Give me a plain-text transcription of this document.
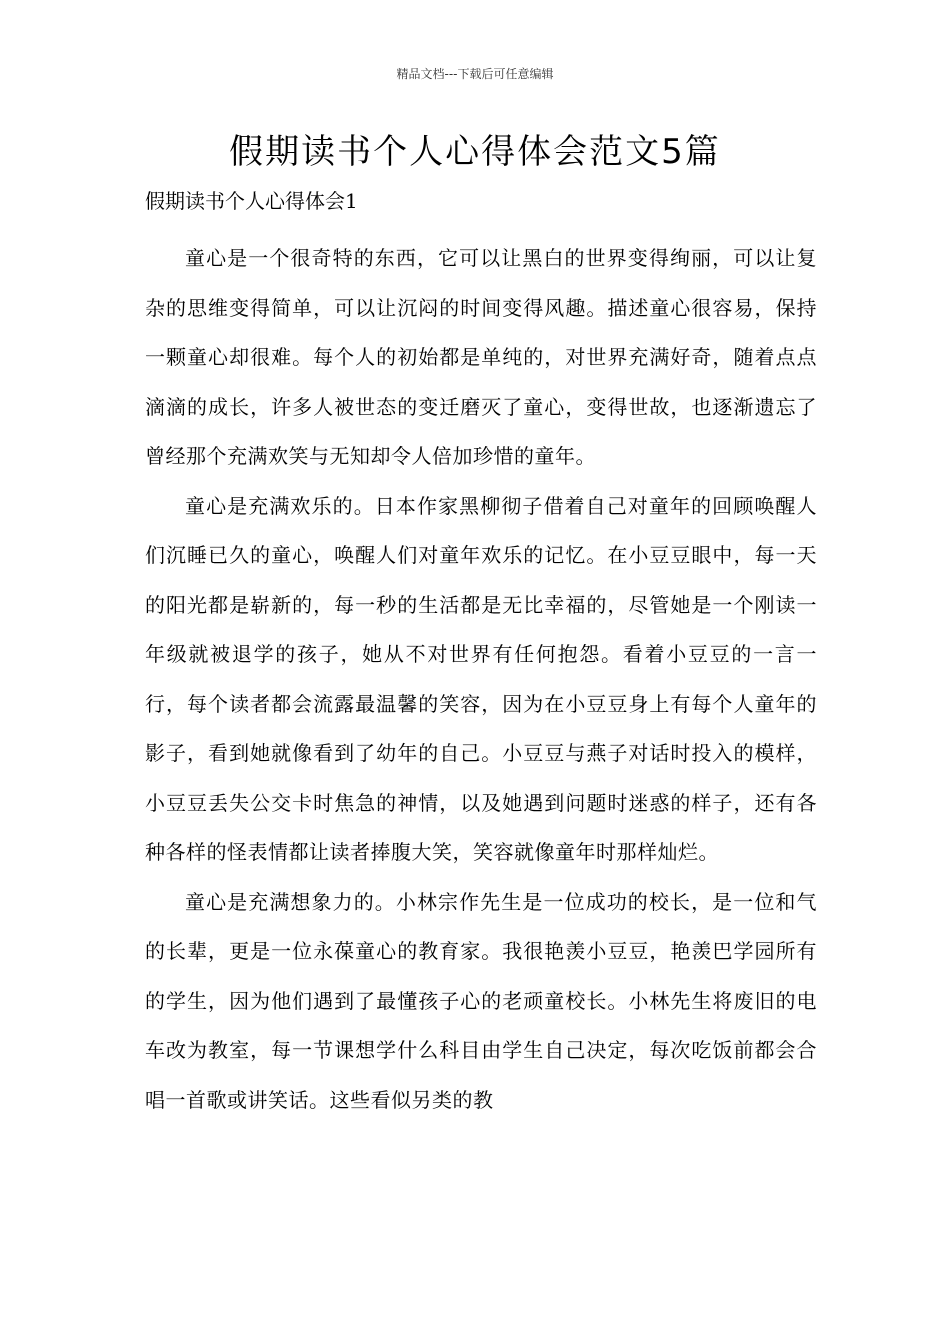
精品文档---下载后可任意编辑
假期读书个人心得体会范文5篇
假期读书个人心得体会1

童心是一个很奇特的东西，它可以让黑白的世界变得绚丽，可以让复杂的思维变得简单，可以让沉闷的时间变得风趣。描述童心很容易，保持一颗童心却很难。每个人的初始都是单纯的，对世界充满好奇，随着点点滴滴的成长，许多人被世态的变迁磨灭了童心，变得世故，也逐渐遗忘了曾经那个充满欢笑与无知却令人倍加珍惜的童年。

童心是充满欢乐的。日本作家黑柳彻子借着自己对童年的回顾唤醒人们沉睡已久的童心，唤醒人们对童年欢乐的记忆。在小豆豆眼中，每一天的阳光都是崭新的，每一秒的生活都是无比幸福的，尽管她是一个刚读一年级就被退学的孩子，她从不对世界有任何抱怨。看着小豆豆的一言一行，每个读者都会流露最温馨的笑容，因为在小豆豆身上有每个人童年的影子，看到她就像看到了幼年的自己。小豆豆与燕子对话时投入的模样，小豆豆丢失公交卡时焦急的神情，以及她遇到问题时迷惑的样子，还有各种各样的怪表情都让读者捧腹大笑，笑容就像童年时那样灿烂。

童心是充满想象力的。小林宗作先生是一位成功的校长，是一位和气的长辈，更是一位永葆童心的教育家。我很艳羡小豆豆，艳羡巴学园所有的学生，因为他们遇到了最懂孩子心的老顽童校长。小林先生将废旧的电车改为教室，每一节课想学什么科目由学生自己决定，每次吃饭前都会合唱一首歌或讲笑话。这些看似另类的教
